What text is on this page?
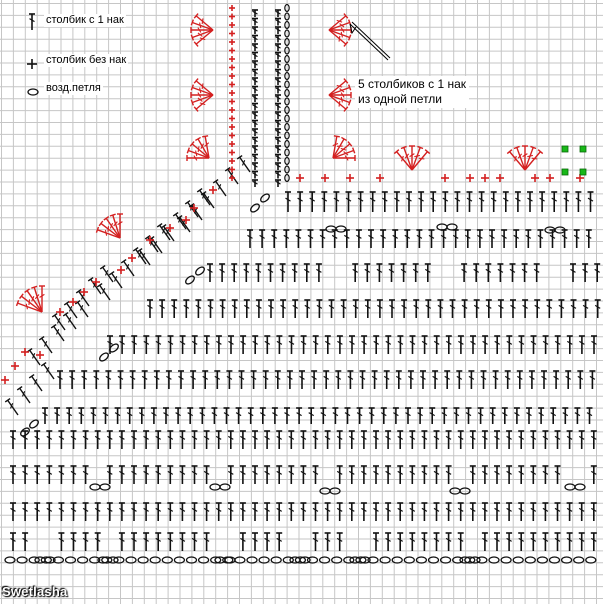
столбик с 1 нак
столбик без нак
возд.петля	5 столбиков с 1 нак
из одной петли
Swetlasha
